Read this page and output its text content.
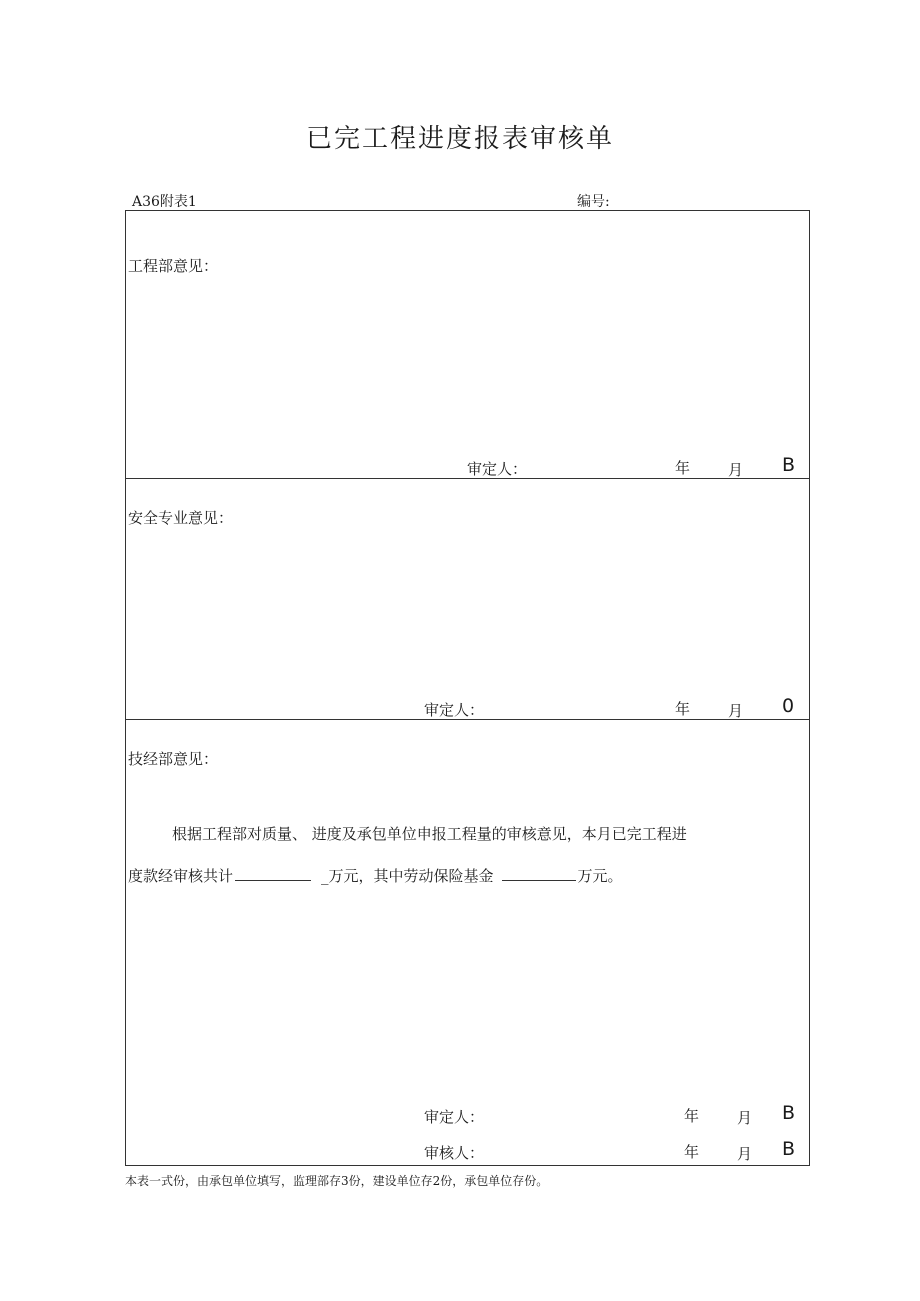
已完工程进度报表审核单
A36附表1	编号:
工程部意见：
审定人：	年	月 B
安全专业意见：
审定人：	年	月 0
技经部意见：
根据工程部对质量、 进度及承包单位申报工程量的审核意见，本月已完工程进
度款经审核共计	_万元，其中劳动保险基金	万元。
审定人：	年	月 B
审核人：	年	月 B
本表一式份，由承包单位填写，监理部存3份，建设单位存2份，承包单位存份。
